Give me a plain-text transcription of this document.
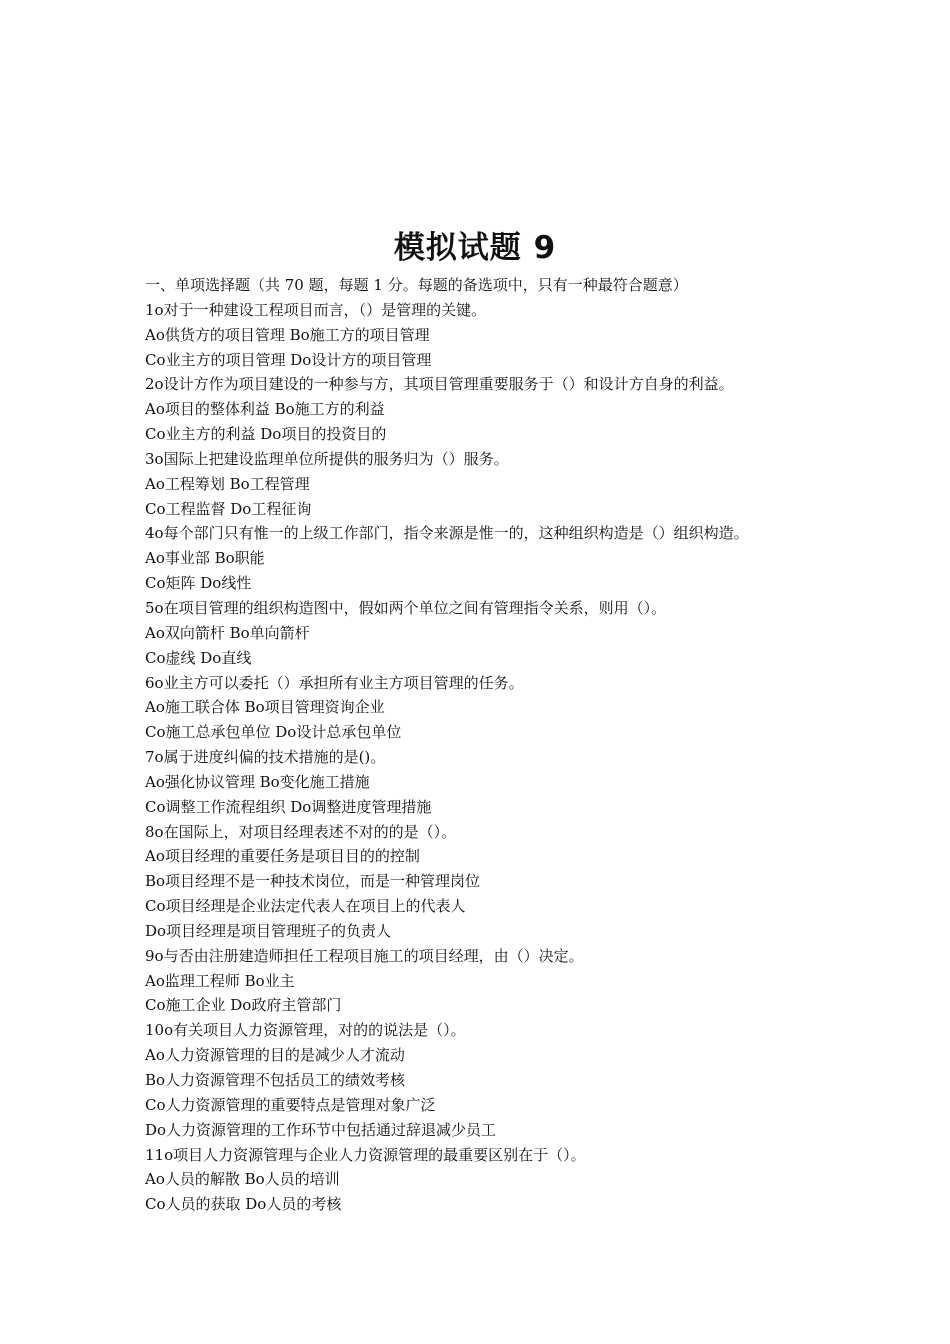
模拟试题 9
一、单项选择题（共 70 题，每题 1 分。每题的备选项中，只有一种最符合题意）
1o对于一种建设工程项目而言，（）是管理的关键。
Ao供货方的项目管理 Bo施工方的项目管理
Co业主方的项目管理 Do设计方的项目管理
2o设计方作为项目建设的一种参与方，其项目管理重要服务于（）和设计方自身的利益。
Ao项目的整体利益 Bo施工方的利益
Co业主方的利益 Do项目的投资目的
3o国际上把建设监理单位所提供的服务归为（）服务。
Ao工程筹划 Bo工程管理
Co工程监督 Do工程征询
4o每个部门只有惟一的上级工作部门，指令来源是惟一的，这种组织构造是（）组织构造。
Ao事业部 Bo职能
Co矩阵 Do线性
5o在项目管理的组织构造图中，假如两个单位之间有管理指令关系，则用（）。
Ao双向箭杆 Bo单向箭杆
Co虚线 Do直线
6o业主方可以委托（）承担所有业主方项目管理的任务。
Ao施工联合体 Bo项目管理资询企业
Co施工总承包单位 Do设计总承包单位
7o属于进度纠偏的技术措施的是()。
Ao强化协议管理 Bo变化施工措施
Co调整工作流程组织 Do调整进度管理措施
8o在国际上，对项目经理表述不对的的是（）。
Ao项目经理的重要任务是项目目的的控制
Bo项目经理不是一种技术岗位，而是一种管理岗位
Co项目经理是企业法定代表人在项目上的代表人
Do项目经理是项目管理班子的负责人
9o与否由注册建造师担任工程项目施工的项目经理，由（）决定。
Ao监理工程师 Bo业主
Co施工企业 Do政府主管部门
10o有关项目人力资源管理，对的的说法是（）。
Ao人力资源管理的目的是减少人才流动
Bo人力资源管理不包括员工的绩效考核
Co人力资源管理的重要特点是管理对象广泛
Do人力资源管理的工作环节中包括通过辞退减少员工
11o项目人力资源管理与企业人力资源管理的最重要区别在于（）。
Ao人员的解散 Bo人员的培训
Co人员的获取 Do人员的考核
